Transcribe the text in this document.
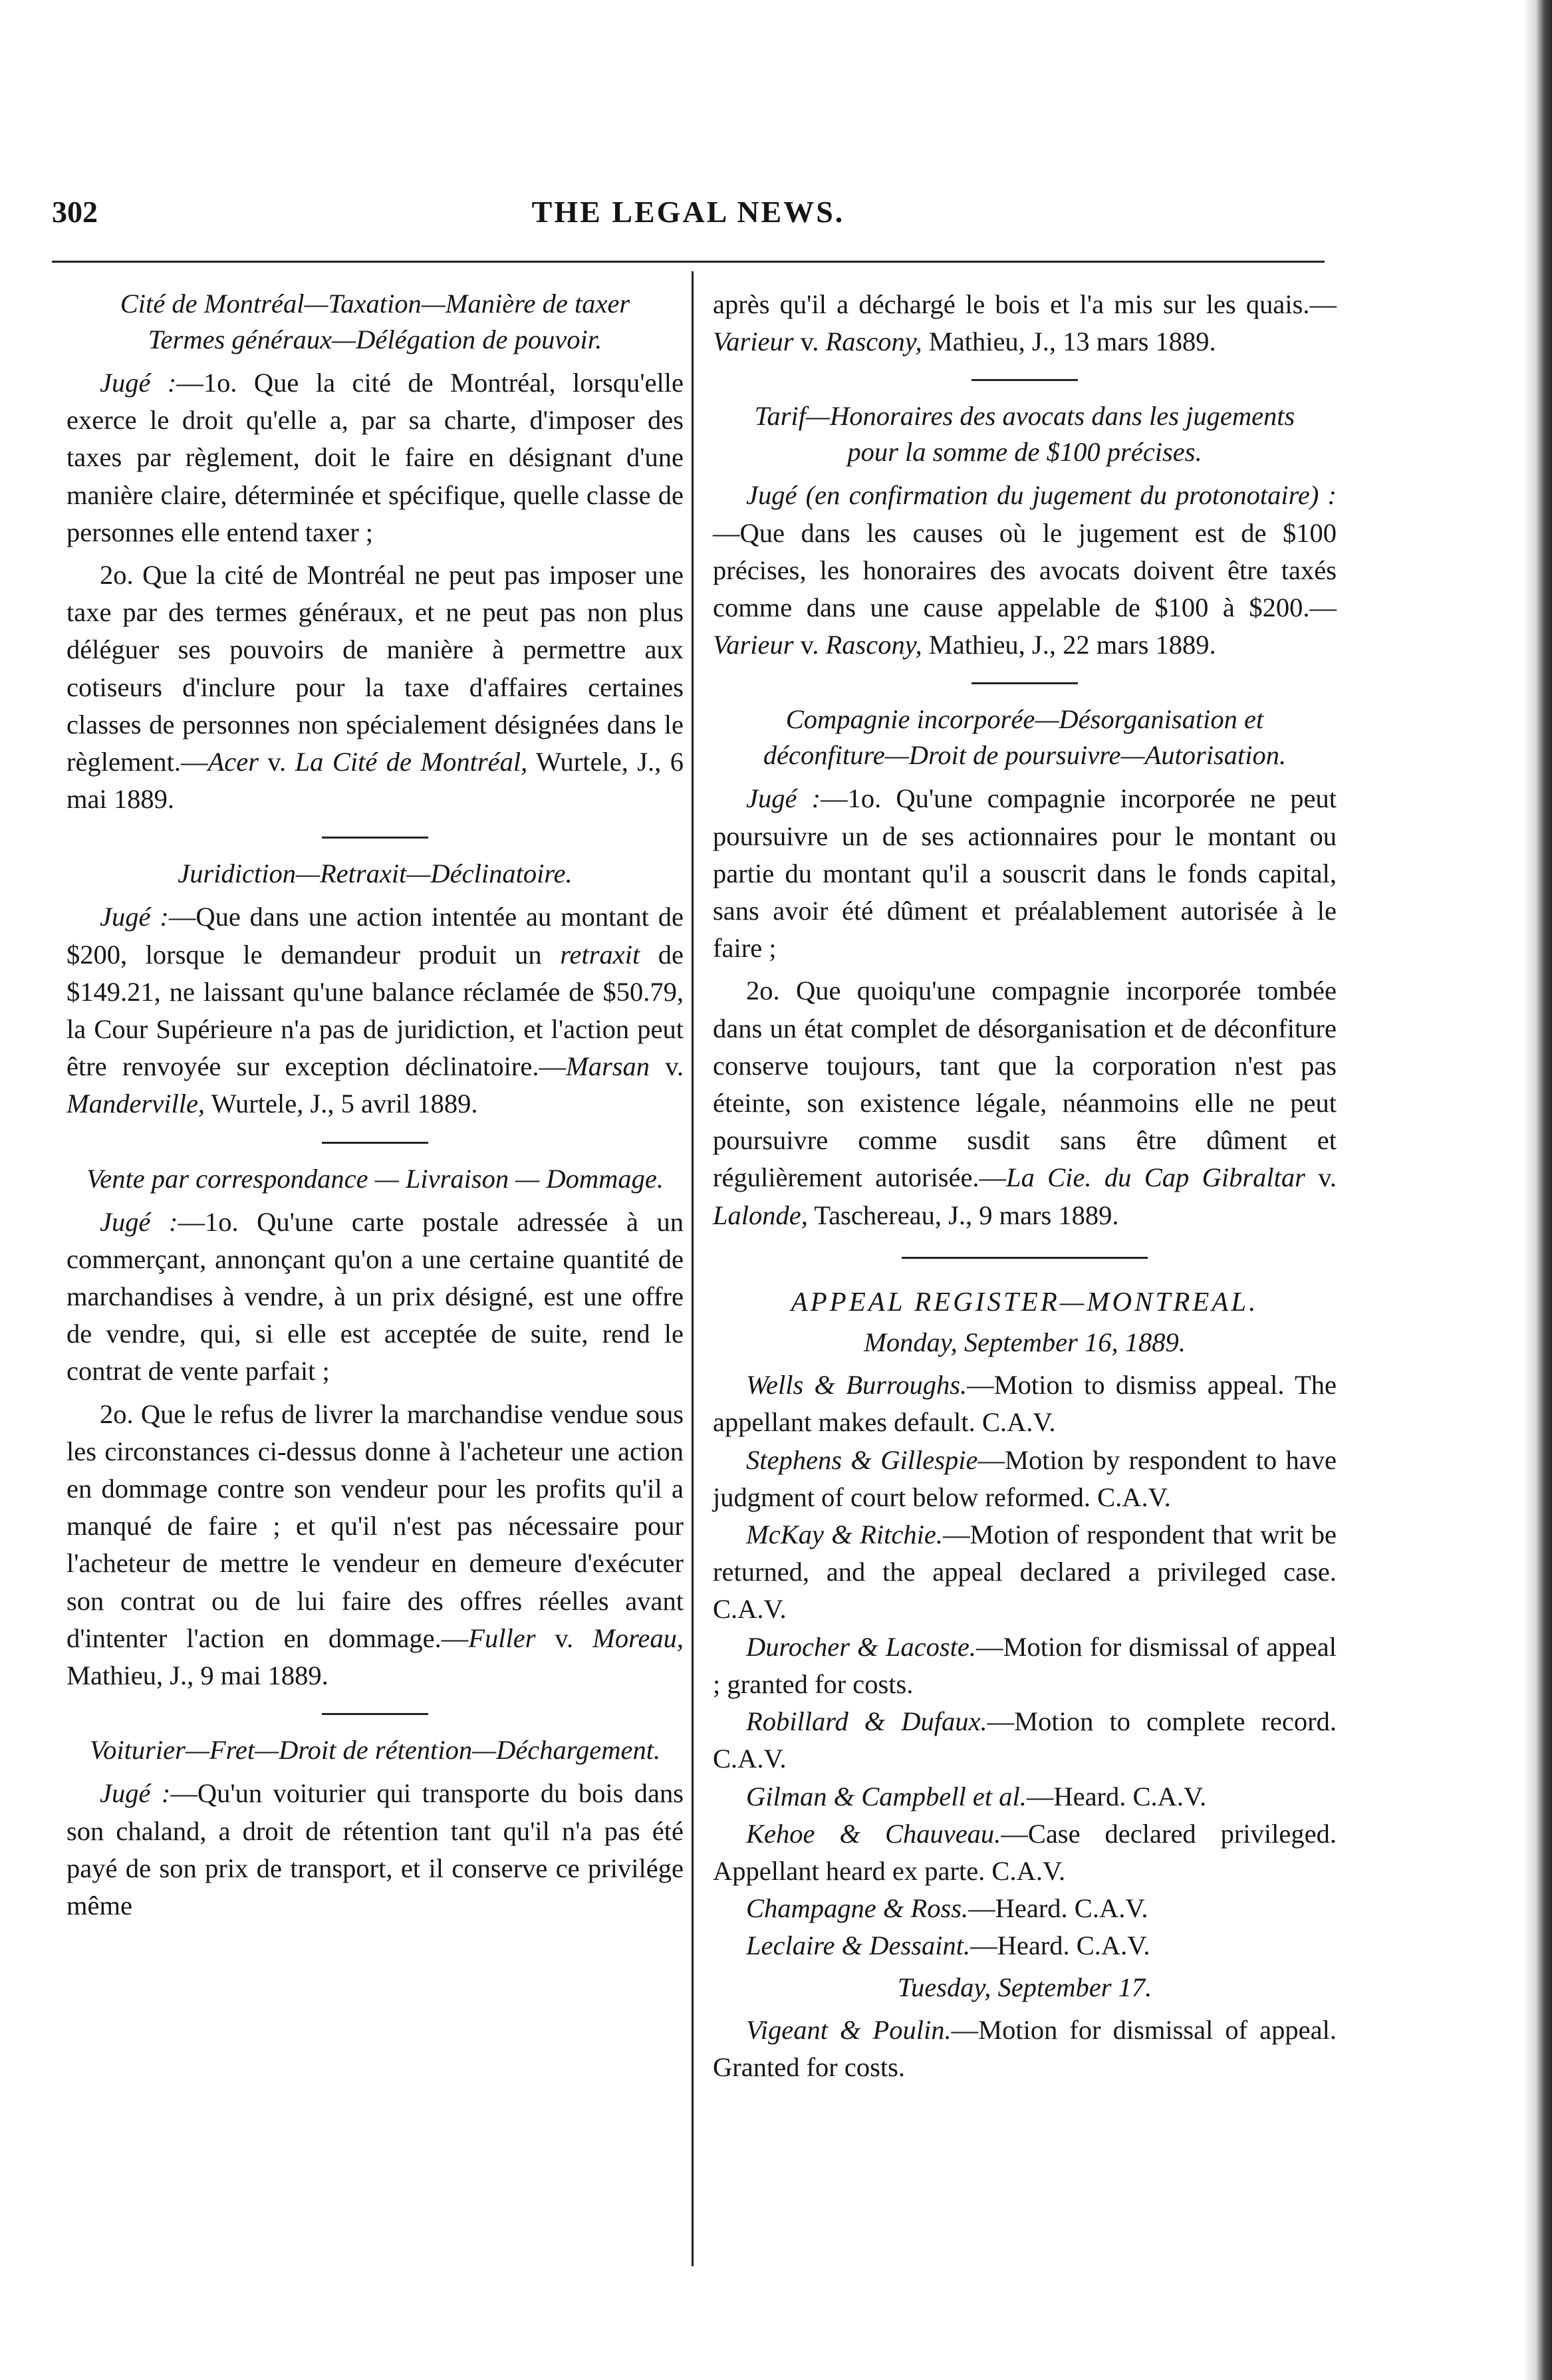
THE LEGAL NEWS.
302
Cité de Montréal—Taxation—Manière de taxer Termes généraux—Délégation de pouvoir.

Jugé :—1o. Que la cité de Montréal, lorsqu'elle exerce le droit qu'elle a, par sa charte, d'imposer des taxes par règlement, doit le faire en désignant d'une manière claire, déterminée et spécifique, quelle classe de personnes elle entend taxer ;

2o. Que la cité de Montréal ne peut pas imposer une taxe par des termes généraux, et ne peut pas non plus déléguer ses pouvoirs de manière à permettre aux cotiseurs d'inclure pour la taxe d'affaires certaines classes de personnes non spécialement désignées dans le règlement.—Acer v. La Cité de Montréal, Wurtele, J., 6 mai 1889.

Juridiction—Retraxit—Déclinatoire.

Jugé :—Que dans une action intentée au montant de $200, lorsque le demandeur produit un retraxit de $149.21, ne laissant qu'une balance réclamée de $50.79, la Cour Supérieure n'a pas de juridiction, et l'action peut être renvoyée sur exception déclinatoire.—Marsan v. Manderville, Wurtele, J., 5 avril 1889.

Vente par correspondance — Livraison — Dommage.

Jugé :—1o. Qu'une carte postale adressée à un commerçant, annonçant qu'on a une certaine quantité de marchandises à vendre, à un prix désigné, est une offre de vendre, qui, si elle est acceptée de suite, rend le contrat de vente parfait ;

2o. Que le refus de livrer la marchandise vendue sous les circonstances ci-dessus donne à l'acheteur une action en dommage contre son vendeur pour les profits qu'il a manqué de faire ; et qu'il n'est pas nécessaire pour l'acheteur de mettre le vendeur en demeure d'exécuter son contrat ou de lui faire des offres réelles avant d'intenter l'action en dommage.—Fuller v. Moreau, Mathieu, J., 9 mai 1889.

Voiturier—Fret—Droit de rétention—Déchargement.

Jugé :—Qu'un voiturier qui transporte du bois dans son chaland, a droit de rétention tant qu'il n'a pas été payé de son prix de transport, et il conserve ce privilége même

après qu'il a déchargé le bois et l'a mis sur les quais.—Varieur v. Rascony, Mathieu, J., 13 mars 1889.

Tarif—Honoraires des avocats dans les jugements pour la somme de $100 précises.

Jugé (en confirmation du jugement du protonotaire) :—Que dans les causes où le jugement est de $100 précises, les honoraires des avocats doivent être taxés comme dans une cause appelable de $100 à $200.—Varieur v. Rascony, Mathieu, J., 22 mars 1889.

Compagnie incorporée—Désorganisation et déconfiture—Droit de poursuivre—Autorisation.

Jugé :—1o. Qu'une compagnie incorporée ne peut poursuivre un de ses actionnaires pour le montant ou partie du montant qu'il a souscrit dans le fonds capital, sans avoir été dûment et préalablement autorisée à le faire ;

2o. Que quoiqu'une compagnie incorporée tombée dans un état complet de désorganisation et de déconfiture conserve toujours, tant que la corporation n'est pas éteinte, son existence légale, néanmoins elle ne peut poursuivre comme susdit sans être dûment et régulièrement autorisée.—La Cie. du Cap Gibraltar v. Lalonde, Taschereau, J., 9 mars 1889.

APPEAL REGISTER—MONTREAL.
Monday, September 16, 1889.

Wells & Burroughs.—Motion to dismiss appeal. The appellant makes default. C.A.V.

Stephens & Gillespie—Motion by respondent to have judgment of court below reformed. C.A.V.

McKay & Ritchie.—Motion of respondent that writ be returned, and the appeal declared a privileged case. C.A.V.

Durocher & Lacoste.—Motion for dismissal of appeal ; granted for costs.

Robillard & Dufaux.—Motion to complete record. C.A.V.

Gilman & Campbell et al.—Heard. C.A.V.

Kehoe & Chauveau.—Case declared privileged. Appellant heard ex parte. C.A.V.

Champagne & Ross.—Heard. C.A.V.

Leclaire & Dessaint.—Heard. C.A.V.

Tuesday, September 17.

Vigeant & Poulin.—Motion for dismissal of appeal. Granted for costs.
